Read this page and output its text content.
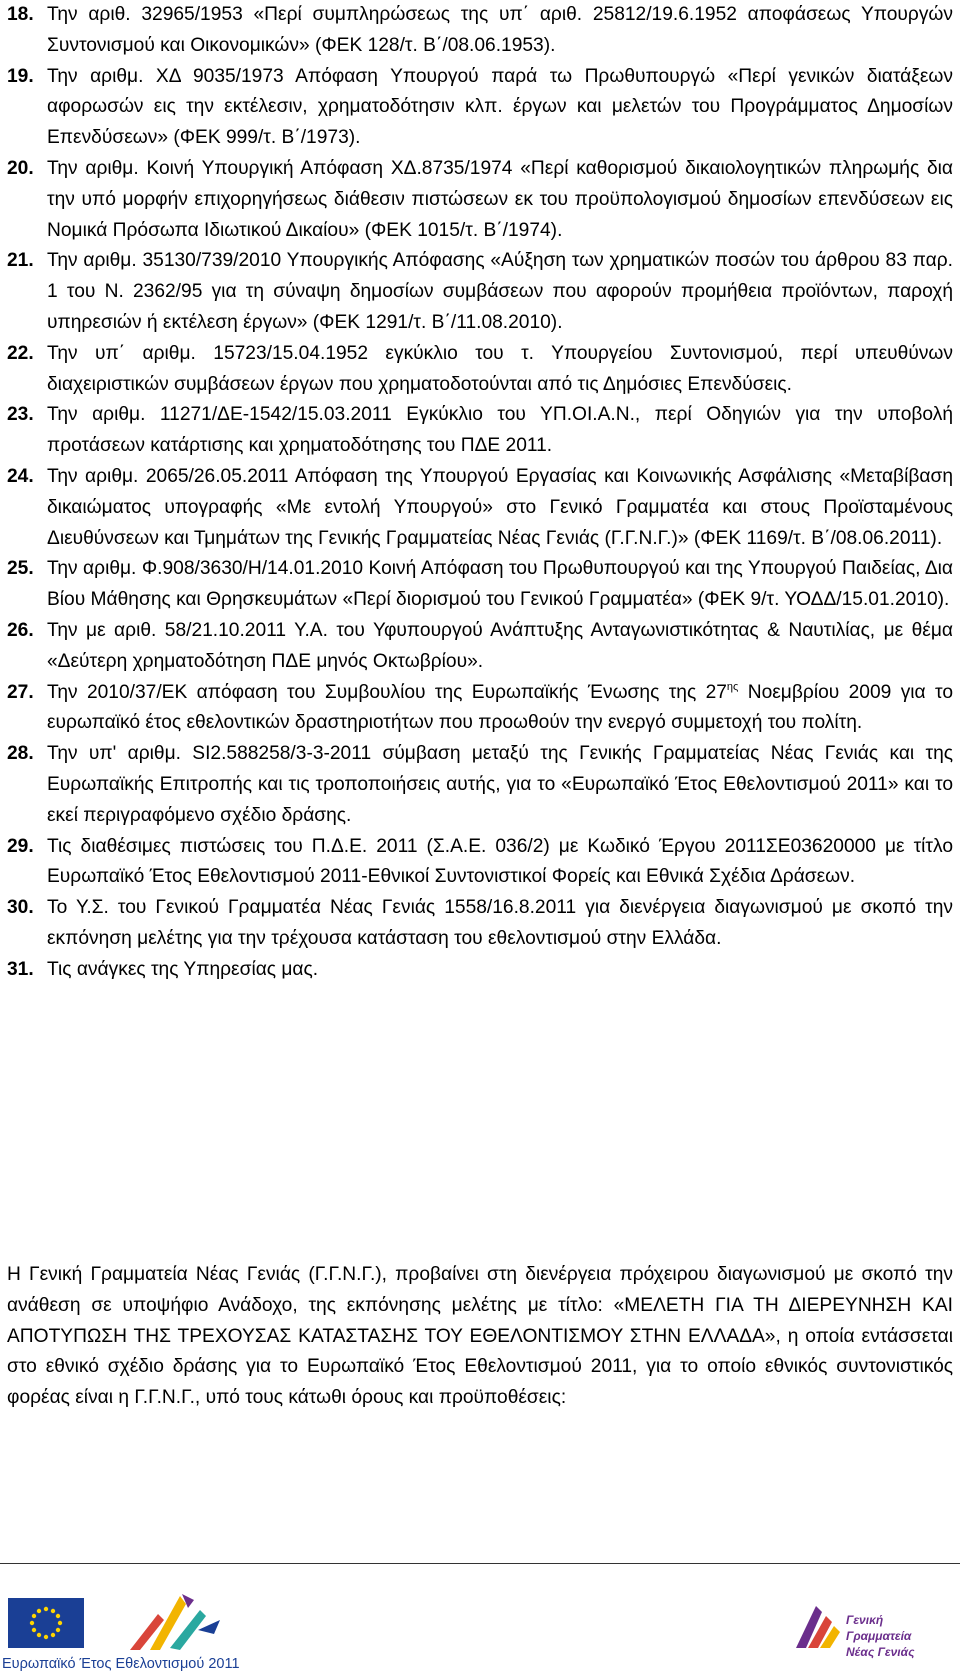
18. Την αριθ. 32965/1953 «Περί συμπληρώσεως της υπ΄ αριθ. 25812/19.6.1952 αποφάσεως Υπουργών Συντονισμού και Οικονομικών» (ΦΕΚ 128/τ. Β΄/08.06.1953).
19. Την αριθμ. ΧΔ 9035/1973 Απόφαση Υπουργού παρά τω Πρωθυπουργώ «Περί γενικών διατάξεων αφορωσών εις την εκτέλεσιν, χρηματοδότησιν κλπ. έργων και μελετών του Προγράμματος Δημοσίων Επενδύσεων» (ΦΕΚ 999/τ. Β΄/1973).
20. Την αριθμ. Κοινή Υπουργική Απόφαση ΧΔ.8735/1974 «Περί καθορισμού δικαιολογητικών πληρωμής δια την υπό μορφήν επιχορηγήσεως διάθεσιν πιστώσεων εκ του προϋπολογισμού δημοσίων επενδύσεων εις Νομικά Πρόσωπα Ιδιωτικού Δικαίου» (ΦΕΚ 1015/τ. Β΄/1974).
21. Την αριθμ. 35130/739/2010 Υπουργικής Απόφασης «Αύξηση των χρηματικών ποσών του άρθρου 83 παρ. 1 του Ν. 2362/95 για τη σύναψη δημοσίων συμβάσεων που αφορούν προμήθεια προϊόντων, παροχή υπηρεσιών ή εκτέλεση έργων» (ΦΕΚ 1291/τ. Β΄/11.08.2010).
22. Την υπ΄ αριθμ. 15723/15.04.1952 εγκύκλιο του τ. Υπουργείου Συντονισμού, περί υπευθύνων διαχειριστικών συμβάσεων έργων που χρηματοδοτούνται από τις Δημόσιες Επενδύσεις.
23. Την αριθμ. 11271/ΔΕ-1542/15.03.2011 Εγκύκλιο του ΥΠ.ΟΙ.Α.Ν., περί Οδηγιών για την υποβολή προτάσεων κατάρτισης και χρηματοδότησης του ΠΔΕ 2011.
24. Την αριθμ. 2065/26.05.2011 Απόφαση της Υπουργού Εργασίας και Κοινωνικής Ασφάλισης «Μεταβίβαση δικαιώματος υπογραφής «Με εντολή Υπουργού» στο Γενικό Γραμματέα και στους Προϊσταμένους Διευθύνσεων και Τμημάτων της Γενικής Γραμματείας Νέας Γενιάς (Γ.Γ.Ν.Γ.)» (ΦΕΚ 1169/τ. Β΄/08.06.2011).
25. Την αριθμ. Φ.908/3630/Η/14.01.2010 Κοινή Απόφαση του Πρωθυπουργού και της Υπουργού Παιδείας, Δια Βίου Μάθησης και Θρησκευμάτων «Περί διορισμού του Γενικού Γραμματέα» (ΦΕΚ 9/τ. ΥΟΔΔ/15.01.2010).
26. Την με αριθ. 58/21.10.2011 Υ.Α. του Υφυπουργού Ανάπτυξης Ανταγωνιστικότητας & Ναυτιλίας, με θέμα «Δεύτερη χρηματοδότηση ΠΔΕ μηνός Οκτωβρίου».
27. Την 2010/37/ΕΚ απόφαση του Συμβουλίου της Ευρωπαϊκής Ένωσης της $27^{\eta\varsigma}$ Νοεμβρίου 2009 για το ευρωπαϊκό έτος εθελοντικών δραστηριοτήτων που προωθούν την ενεργό συμμετοχή του πολίτη.
28. Την υπ' αριθμ. SI2.588258/3-3-2011 σύμβαση μεταξύ της Γενικής Γραμματείας Νέας Γενιάς και της Ευρωπαϊκής Επιτροπής και τις τροποποιήσεις αυτής, για το «Ευρωπαϊκό Έτος Εθελοντισμού 2011» και το εκεί περιγραφόμενο σχέδιο δράσης.
29. Τις διαθέσιμες πιστώσεις του Π.Δ.Ε. 2011 (Σ.Α.Ε. 036/2) με Κωδικό Έργου 2011ΣΕ03620000 με τίτλο Ευρωπαϊκό Έτος Εθελοντισμού 2011-Εθνικοί Συντονιστικοί Φορείς και Εθνικά Σχέδια Δράσεων.
30. Το Υ.Σ. του Γενικού Γραμματέα Νέας Γενιάς 1558/16.8.2011 για διενέργεια διαγωνισμού με σκοπό την εκπόνηση μελέτης για την τρέχουσα κατάσταση του εθελοντισμού στην Ελλάδα.
31. Τις ανάγκες της Υπηρεσίας μας.

Η Γενική Γραμματεία Νέας Γενιάς (Γ.Γ.Ν.Γ.), προβαίνει στη διενέργεια πρόχειρου διαγωνισμού με σκοπό την ανάθεση σε υποψήφιο Ανάδοχο, της εκπόνησης μελέτης με τίτλο: «ΜΕΛΕΤΗ ΓΙΑ ΤΗ ΔΙΕΡΕΥΝΗΣΗ ΚΑΙ ΑΠΟΤΥΠΩΣΗ ΤΗΣ ΤΡΕΧΟΥΣΑΣ ΚΑΤΑΣΤΑΣΗΣ ΤΟΥ ΕΘΕΛΟΝΤΙΣΜΟΥ ΣΤΗΝ ΕΛΛΑΔΑ», η οποία εντάσσεται στο εθνικό σχέδιο δράσης για το Ευρωπαϊκό Έτος Εθελοντισμού 2011, για το οποίο εθνικός συντονιστικός φορέας είναι η Γ.Γ.Ν.Γ., υπό τους κάτωθι όρους και προϋποθέσεις:

Ευρωπαϊκό Έτος Εθελοντισμού 2011
Γενική Γραμματεία
Νέας Γενιάς
